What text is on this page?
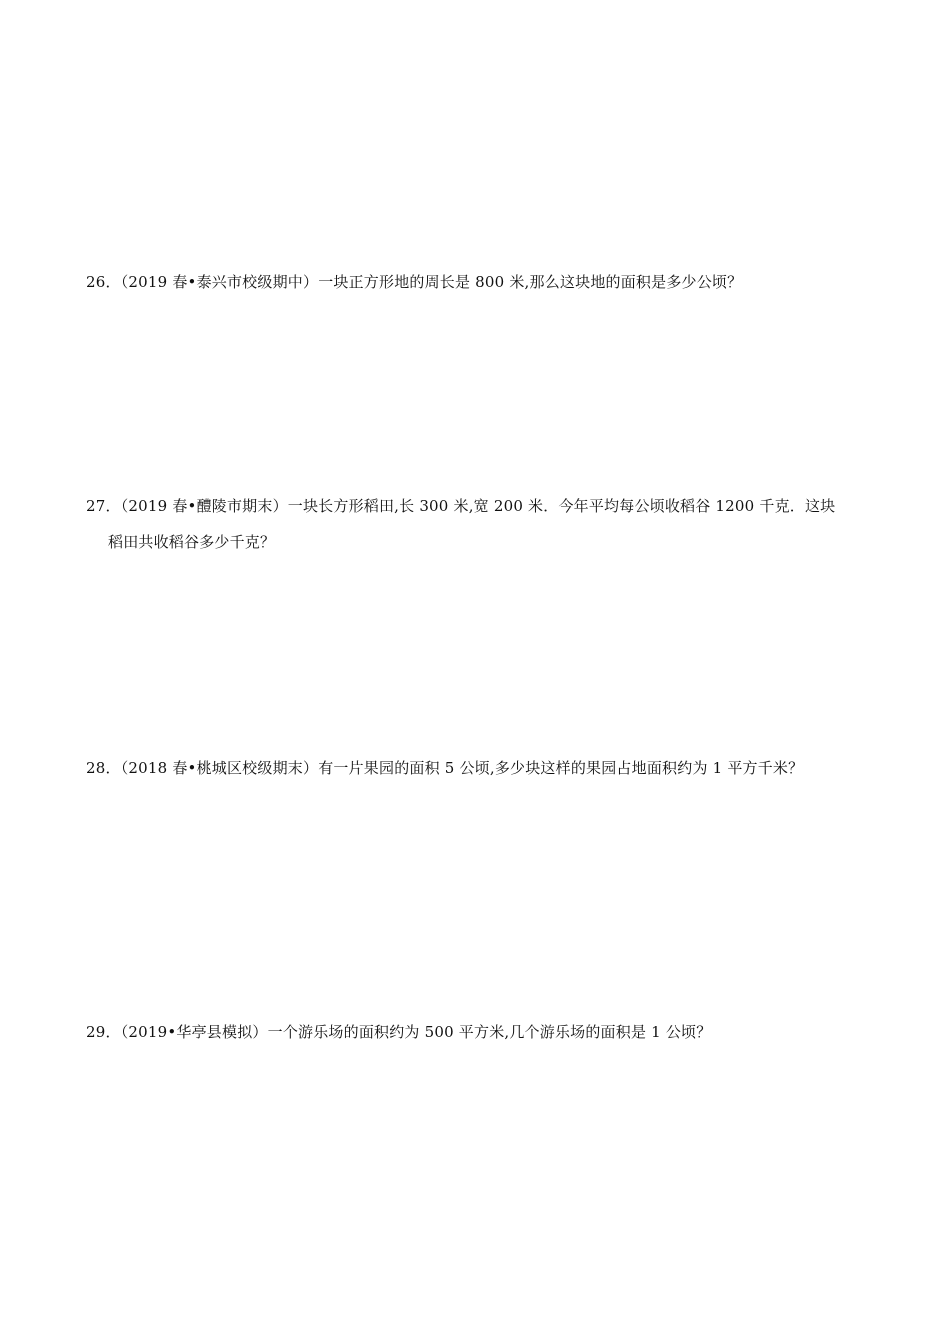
26．（2019 春•泰兴市校级期中）一块正方形地的周长是 800 米,那么这块地的面积是多少公顷？
27．（2019 春•醴陵市期末）一块长方形稻田,长 300 米,宽 200 米．今年平均每公顷收稻谷 1200 千克．这块
稻田共收稻谷多少千克？
28．（2018 春•桃城区校级期末）有一片果园的面积 5 公顷,多少块这样的果园占地面积约为 1 平方千米？
29．（2019•华亭县模拟）一个游乐场的面积约为 500 平方米,几个游乐场的面积是 1 公顷？
